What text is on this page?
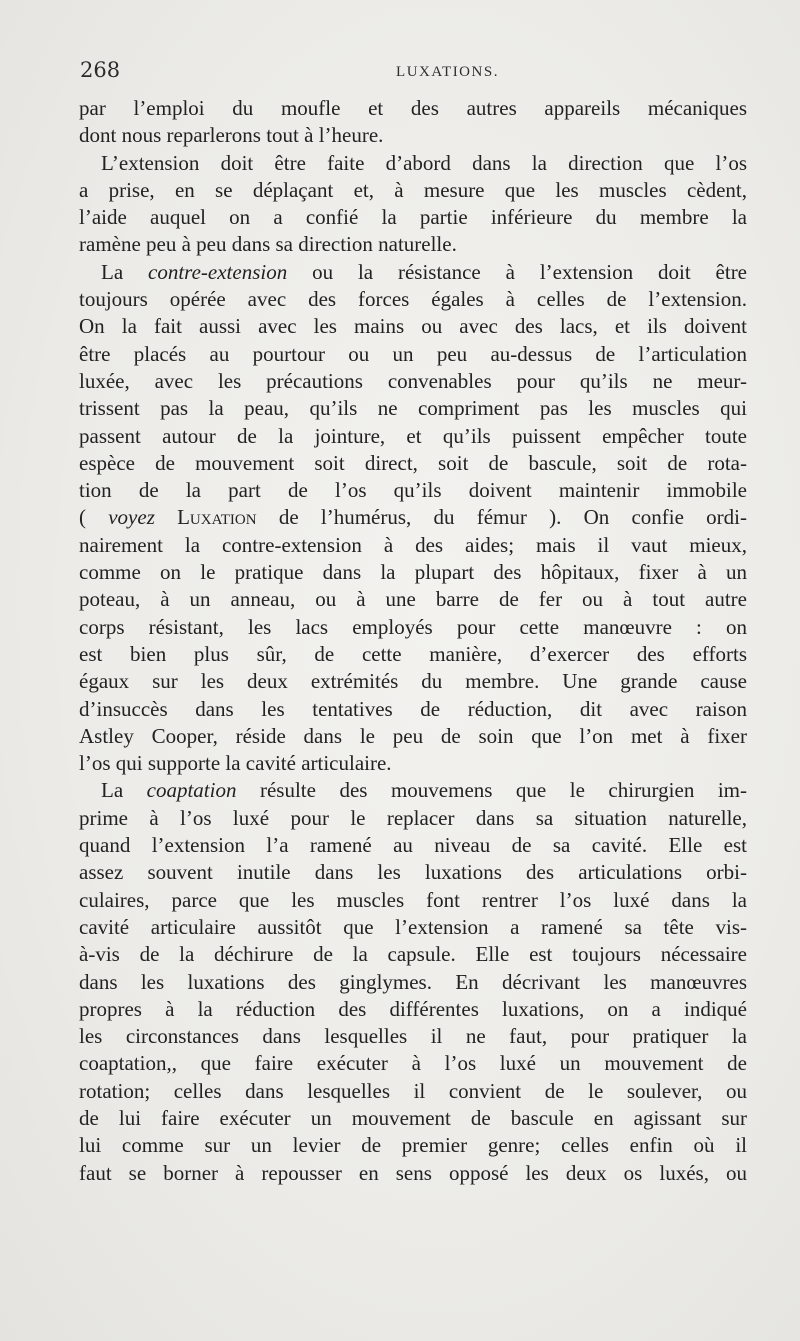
268	LUXATIONS.
par l’emploi du moufle et des autres appareils mécaniques
dont nous reparlerons tout à l’heure.
L’extension doit être faite d’abord dans la direction que l’os
a prise, en se déplaçant et, à mesure que les muscles cèdent,
l’aide auquel on a confié la partie inférieure du membre la
ramène peu à peu dans sa direction naturelle.
La contre-extension ou la résistance à l’extension doit être
toujours opérée avec des forces égales à celles de l’extension.
On la fait aussi avec les mains ou avec des lacs, et ils doivent
être placés au pourtour ou un peu au-dessus de l’articulation
luxée, avec les précautions convenables pour qu’ils ne meur-
trissent pas la peau, qu’ils ne compriment pas les muscles qui
passent autour de la jointure, et qu’ils puissent empêcher toute
espèce de mouvement soit direct, soit de bascule, soit de rota-
tion de la part de l’os qu’ils doivent maintenir immobile
( voyez Luxation de l’humérus, du fémur ). On confie ordi-
nairement la contre-extension à des aides; mais il vaut mieux,
comme on le pratique dans la plupart des hôpitaux, fixer à un
poteau, à un anneau, ou à une barre de fer ou à tout autre
corps résistant, les lacs employés pour cette manœuvre : on
est bien plus sûr, de cette manière, d’exercer des efforts
égaux sur les deux extrémités du membre. Une grande cause
d’insuccès dans les tentatives de réduction, dit avec raison
Astley Cooper, réside dans le peu de soin que l’on met à fixer
l’os qui supporte la cavité articulaire.
La coaptation résulte des mouvemens que le chirurgien im-
prime à l’os luxé pour le replacer dans sa situation naturelle,
quand l’extension l’a ramené au niveau de sa cavité. Elle est
assez souvent inutile dans les luxations des articulations orbi-
culaires, parce que les muscles font rentrer l’os luxé dans la
cavité articulaire aussitôt que l’extension a ramené sa tête vis-
à-vis de la déchirure de la capsule. Elle est toujours nécessaire
dans les luxations des ginglymes. En décrivant les manœuvres
propres à la réduction des différentes luxations, on a indiqué
les circonstances dans lesquelles il ne faut, pour pratiquer la
coaptation,, que faire exécuter à l’os luxé un mouvement de
rotation; celles dans lesquelles il convient de le soulever, ou
de lui faire exécuter un mouvement de bascule en agissant sur
lui comme sur un levier de premier genre; celles enfin où il
faut se borner à repousser en sens opposé les deux os luxés, ou
